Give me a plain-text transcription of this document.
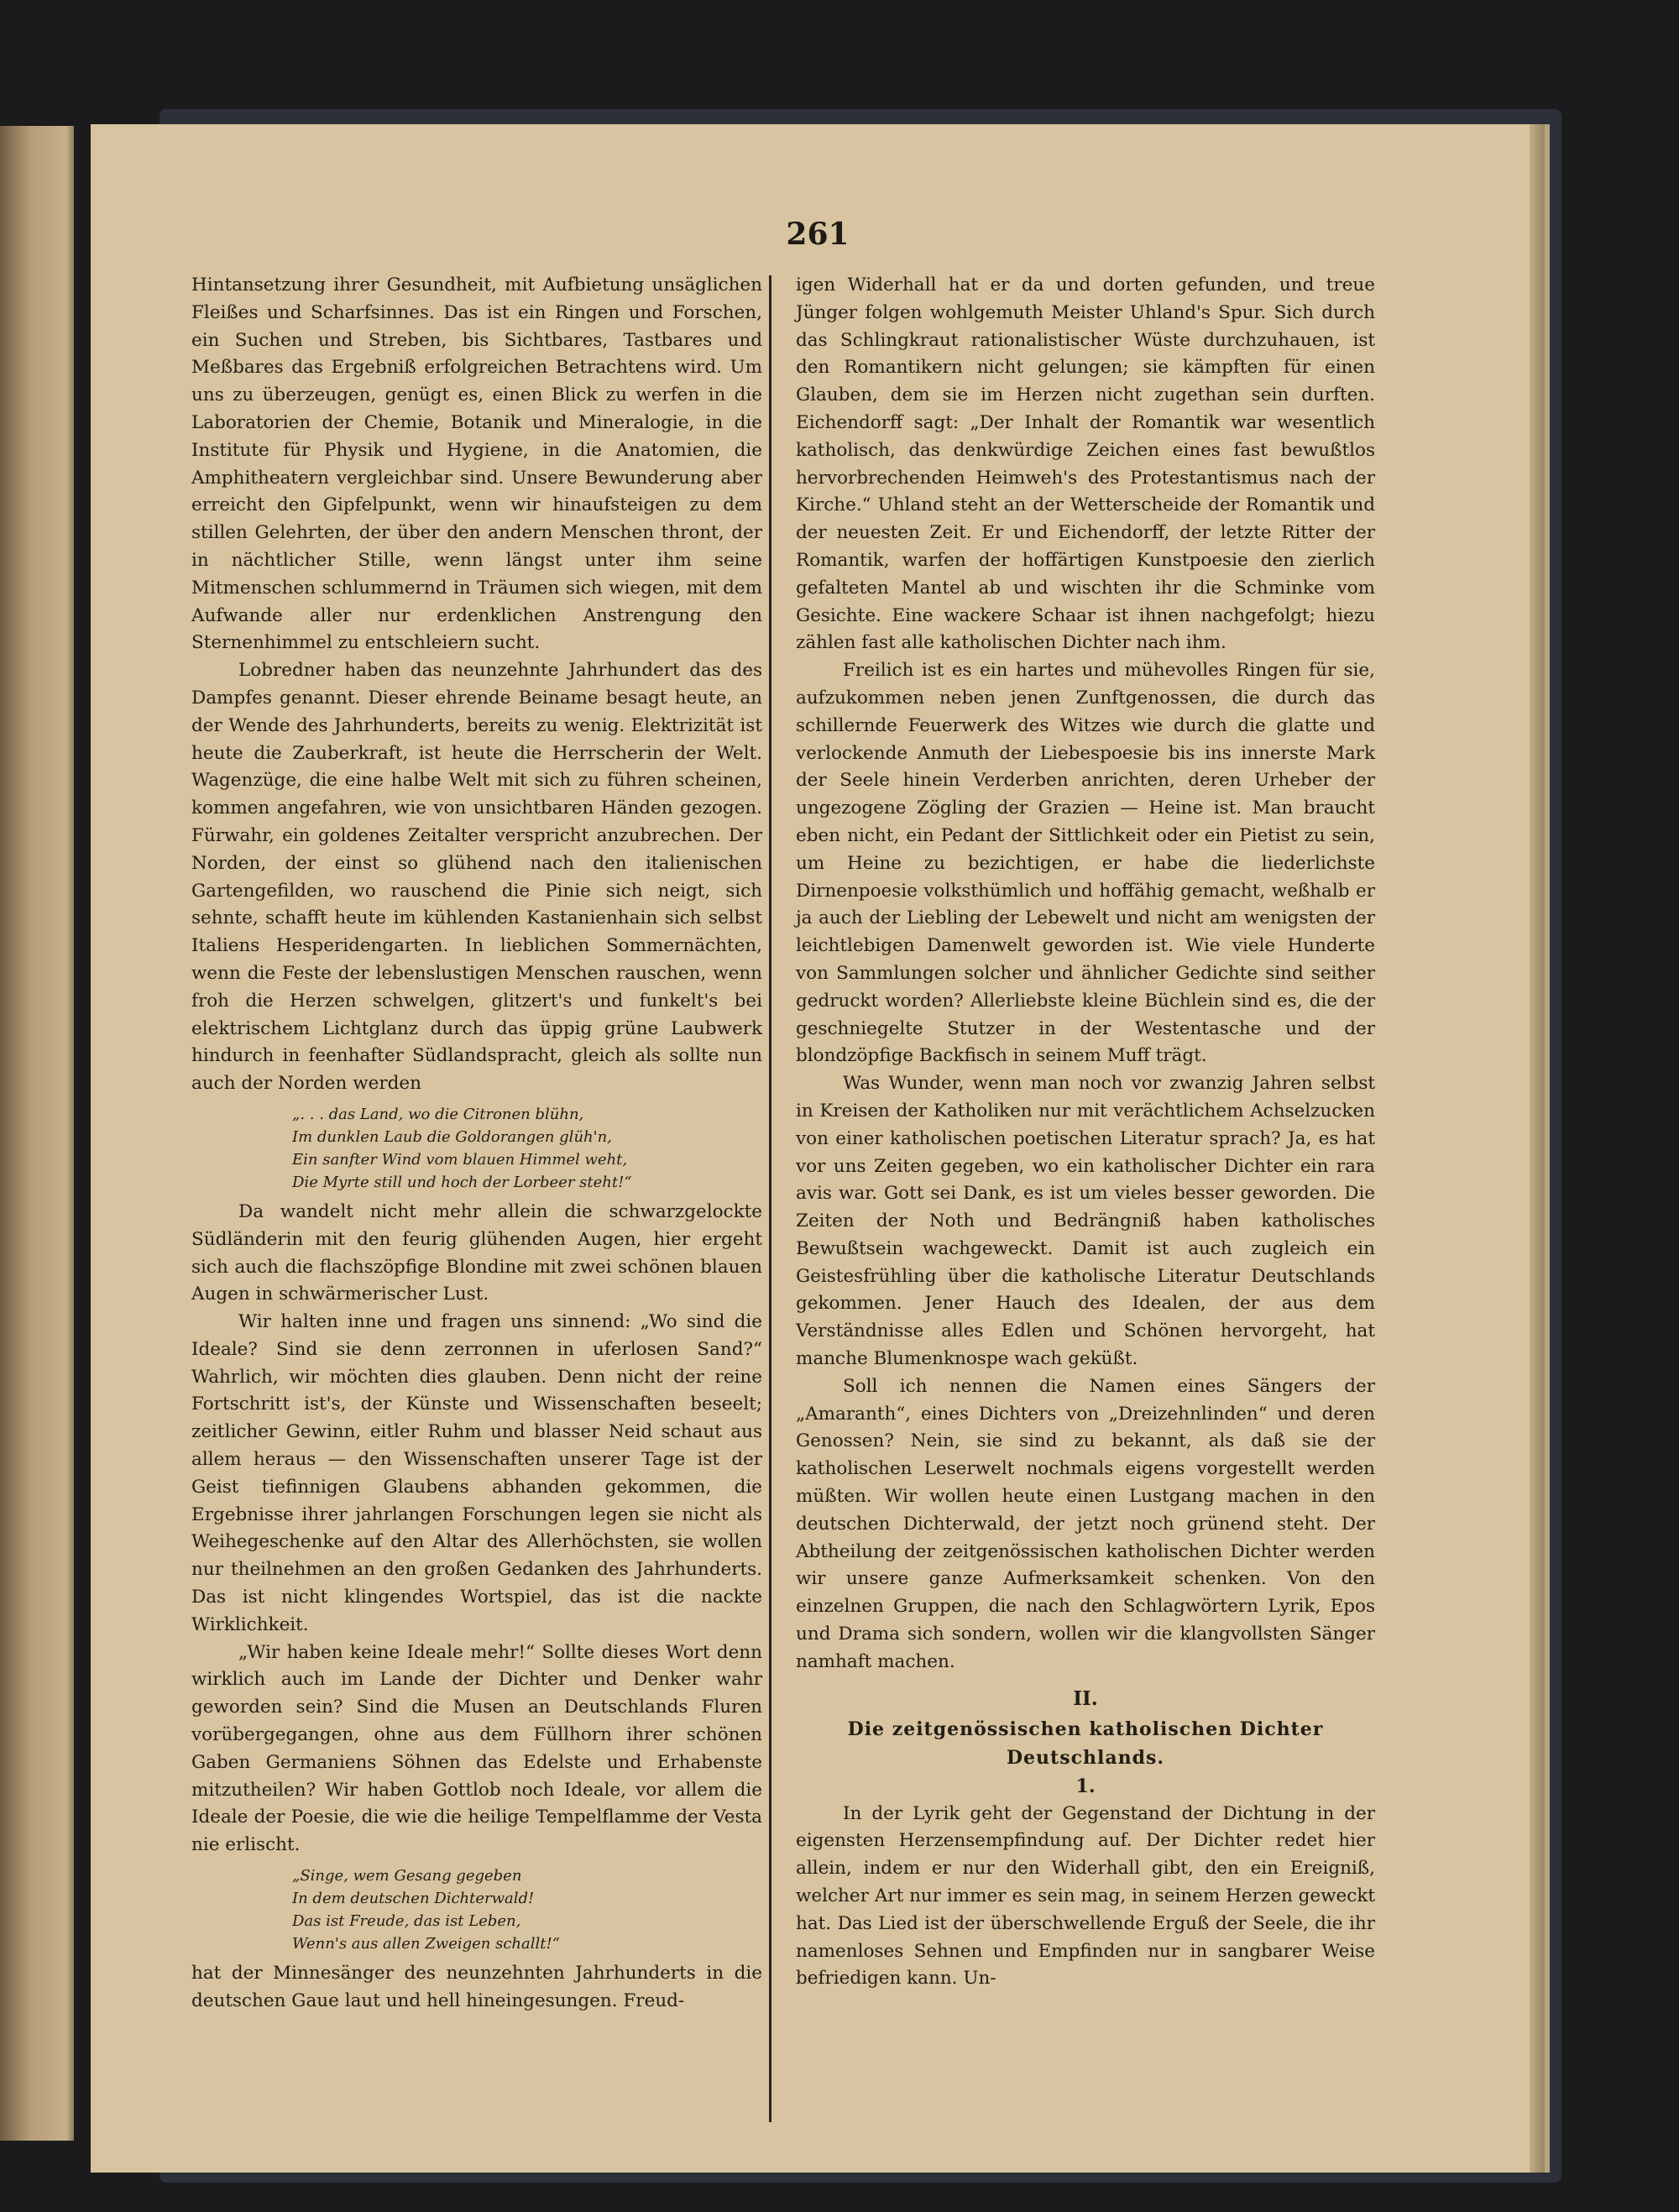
261

Hintansetzung ihrer Gesundheit, mit Aufbietung unsäglichen Fleißes und Scharfsinnes. Das ist ein Ringen und Forschen, ein Suchen und Streben, bis Sichtbares, Tastbares und Meßbares das Ergebniß erfolgreichen Betrachtens wird. Um uns zu überzeugen, genügt es, einen Blick zu werfen in die Laboratorien der Chemie, Botanik und Mineralogie, in die Institute für Physik und Hygiene, in die Anatomien, die Amphitheatern vergleichbar sind. Unsere Bewunderung aber erreicht den Gipfelpunkt, wenn wir hinaufsteigen zu dem stillen Gelehrten, der über den andern Menschen thront, der in nächtlicher Stille, wenn längst unter ihm seine Mitmenschen schlummernd in Träumen sich wiegen, mit dem Aufwande aller nur erdenklichen Anstrengung den Sternenhimmel zu entschleiern sucht.

Lobredner haben das neunzehnte Jahrhundert das des Dampfes genannt. Dieser ehrende Beiname besagt heute, an der Wende des Jahrhunderts, bereits zu wenig. Elektrizität ist heute die Zauberkraft, ist heute die Herrscherin der Welt. Wagenzüge, die eine halbe Welt mit sich zu führen scheinen, kommen angefahren, wie von unsichtbaren Händen gezogen. Fürwahr, ein goldenes Zeitalter verspricht anzubrechen. Der Norden, der einst so glühend nach den italienischen Gartengefilden, wo rauschend die Pinie sich neigt, sich sehnte, schafft heute im kühlenden Kastanienhain sich selbst Italiens Hesperidengarten. In lieblichen Sommernächten, wenn die Feste der lebenslustigen Menschen rauschen, wenn froh die Herzen schwelgen, glitzert's und funkelt's bei elektrischem Lichtglanz durch das üppig grüne Laubwerk hindurch in feenhafter Südlandspracht, gleich als sollte nun auch der Norden werden

„. . . das Land, wo die Citronen blühn,
Im dunklen Laub die Goldorangen glüh'n,
Ein sanfter Wind vom blauen Himmel weht,
Die Myrte still und hoch der Lorbeer steht!“

Da wandelt nicht mehr allein die schwarzgelockte Südländerin mit den feurig glühenden Augen, hier ergeht sich auch die flachszöpfige Blondine mit zwei schönen blauen Augen in schwärmerischer Lust.

Wir halten inne und fragen uns sinnend: „Wo sind die Ideale? Sind sie denn zerronnen in uferlosen Sand?“ Wahrlich, wir möchten dies glauben. Denn nicht der reine Fortschritt ist's, der Künste und Wissenschaften beseelt; zeitlicher Gewinn, eitler Ruhm und blasser Neid schaut aus allem heraus — den Wissenschaften unserer Tage ist der Geist tiefinnigen Glaubens abhanden gekommen, die Ergebnisse ihrer jahrlangen Forschungen legen sie nicht als Weihegeschenke auf den Altar des Allerhöchsten, sie wollen nur theilnehmen an den großen Gedanken des Jahrhunderts. Das ist nicht klingendes Wortspiel, das ist die nackte Wirklichkeit.

„Wir haben keine Ideale mehr!“ Sollte dieses Wort denn wirklich auch im Lande der Dichter und Denker wahr geworden sein? Sind die Musen an Deutschlands Fluren vorübergegangen, ohne aus dem Füllhorn ihrer schönen Gaben Germaniens Söhnen das Edelste und Erhabenste mitzutheilen? Wir haben Gottlob noch Ideale, vor allem die Ideale der Poesie, die wie die heilige Tempelflamme der Vesta nie erlischt.

„Singe, wem Gesang gegeben
In dem deutschen Dichterwald!
Das ist Freude, das ist Leben,
Wenn's aus allen Zweigen schallt!“

hat der Minnesänger des neunzehnten Jahrhunderts in die deutschen Gaue laut und hell hineingesungen. Freud-

igen Widerhall hat er da und dorten gefunden, und treue Jünger folgen wohlgemuth Meister Uhland's Spur. Sich durch das Schlingkraut rationalistischer Wüste durchzuhauen, ist den Romantikern nicht gelungen; sie kämpften für einen Glauben, dem sie im Herzen nicht zugethan sein durften. Eichendorff sagt: „Der Inhalt der Romantik war wesentlich katholisch, das denkwürdige Zeichen eines fast bewußtlos hervorbrechenden Heimweh's des Protestantismus nach der Kirche.“ Uhland steht an der Wetterscheide der Romantik und der neuesten Zeit. Er und Eichendorff, der letzte Ritter der Romantik, warfen der hoffärtigen Kunstpoesie den zierlich gefalteten Mantel ab und wischten ihr die Schminke vom Gesichte. Eine wackere Schaar ist ihnen nachgefolgt; hiezu zählen fast alle katholischen Dichter nach ihm.

Freilich ist es ein hartes und mühevolles Ringen für sie, aufzukommen neben jenen Zunftgenossen, die durch das schillernde Feuerwerk des Witzes wie durch die glatte und verlockende Anmuth der Liebespoesie bis ins innerste Mark der Seele hinein Verderben anrichten, deren Urheber der ungezogene Zögling der Grazien — Heine ist. Man braucht eben nicht, ein Pedant der Sittlichkeit oder ein Pietist zu sein, um Heine zu bezichtigen, er habe die liederlichste Dirnenpoesie volksthümlich und hoffähig gemacht, weßhalb er ja auch der Liebling der Lebewelt und nicht am wenigsten der leichtlebigen Damenwelt geworden ist. Wie viele Hunderte von Sammlungen solcher und ähnlicher Gedichte sind seither gedruckt worden? Allerliebste kleine Büchlein sind es, die der geschniegelte Stutzer in der Westentasche und der blondzöpfige Backfisch in seinem Muff trägt.

Was Wunder, wenn man noch vor zwanzig Jahren selbst in Kreisen der Katholiken nur mit verächtlichem Achselzucken von einer katholischen poetischen Literatur sprach? Ja, es hat vor uns Zeiten gegeben, wo ein katholischer Dichter ein rara avis war. Gott sei Dank, es ist um vieles besser geworden. Die Zeiten der Noth und Bedrängniß haben katholisches Bewußtsein wachgeweckt. Damit ist auch zugleich ein Geistesfrühling über die katholische Literatur Deutschlands gekommen. Jener Hauch des Idealen, der aus dem Verständnisse alles Edlen und Schönen hervorgeht, hat manche Blumenknospe wach geküßt.

Soll ich nennen die Namen eines Sängers der „Amaranth“, eines Dichters von „Dreizehnlinden“ und deren Genossen? Nein, sie sind zu bekannt, als daß sie der katholischen Leserwelt nochmals eigens vorgestellt werden müßten. Wir wollen heute einen Lustgang machen in den deutschen Dichterwald, der jetzt noch grünend steht. Der Abtheilung der zeitgenössischen katholischen Dichter werden wir unsere ganze Aufmerksamkeit schenken. Von den einzelnen Gruppen, die nach den Schlagwörtern Lyrik, Epos und Drama sich sondern, wollen wir die klangvollsten Sänger namhaft machen.

II.

Die zeitgenössischen katholischen Dichter Deutschlands.

1.

In der Lyrik geht der Gegenstand der Dichtung in der eigensten Herzensempfindung auf. Der Dichter redet hier allein, indem er nur den Widerhall gibt, den ein Ereigniß, welcher Art nur immer es sein mag, in seinem Herzen geweckt hat. Das Lied ist der überschwellende Erguß der Seele, die ihr namenloses Sehnen und Empfinden nur in sangbarer Weise befriedigen kann. Un-
